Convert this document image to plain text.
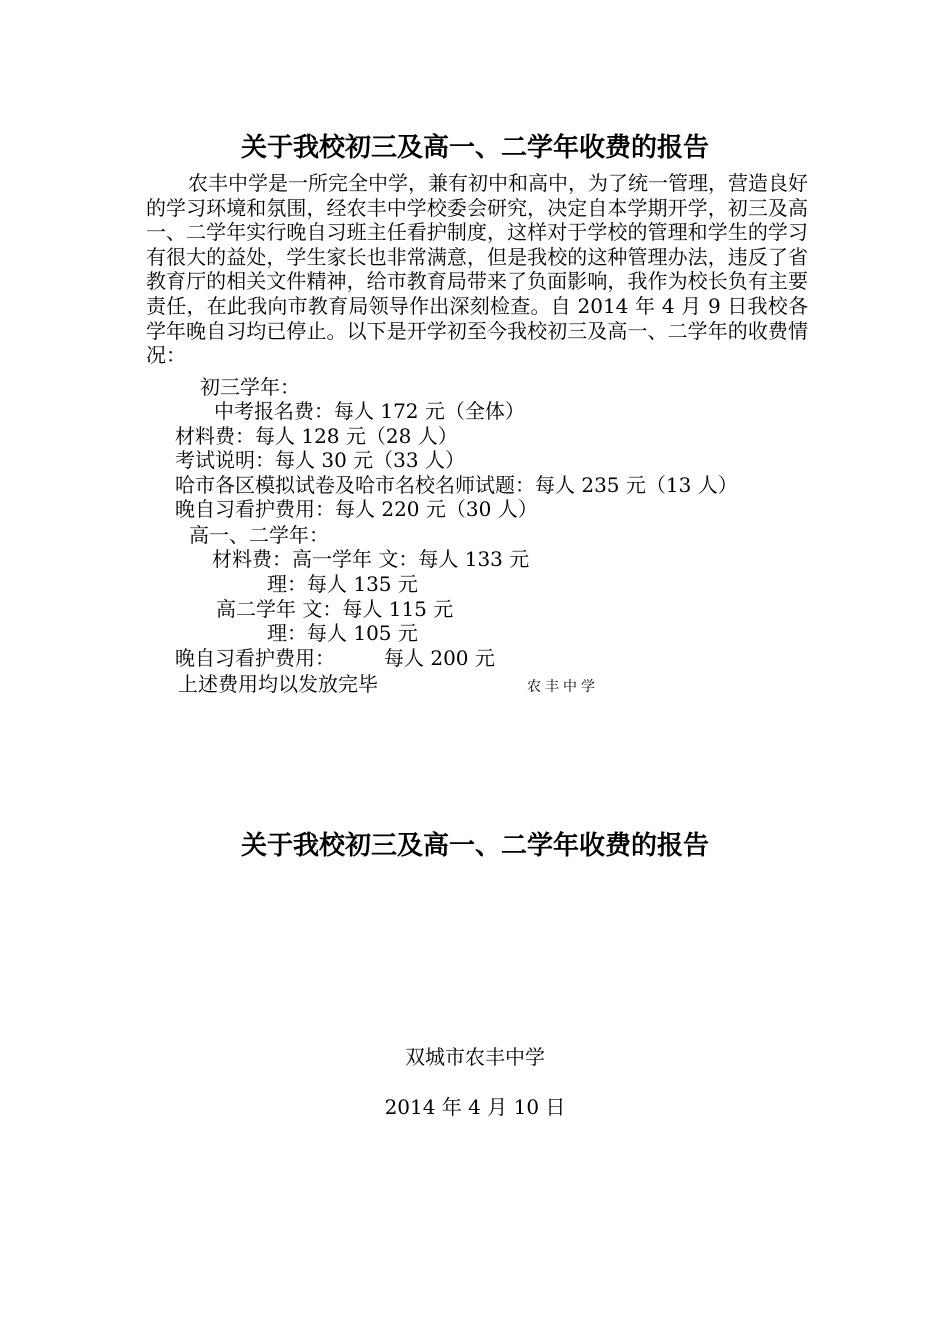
关于我校初三及高一、二学年收费的报告
农丰中学是一所完全中学，兼有初中和高中，为了统一管理，营造良好的学习环境和氛围，经农丰中学校委会研究，决定自本学期开学，初三及高一、二学年实行晚自习班主任看护制度，这样对于学校的管理和学生的学习有很大的益处，学生家长也非常满意，但是我校的这种管理办法，违反了省教育厅的相关文件精神，给市教育局带来了负面影响，我作为校长负有主要责任，在此我向市教育局领导作出深刻检查。自 2014 年 4 月 9 日我校各学年晚自习均已停止。以下是开学初至今我校初三及高一、二学年的收费情况：
初三学年：
中考报名费：每人 172 元（全体）
材料费：每人 128 元（28 人）
考试说明：每人 30 元（33 人）
哈市各区模拟试卷及哈市名校名师试题：每人 235 元（13 人）
晚自习看护费用：每人 220 元（30 人）
高一、二学年：
材料费：高一学年 文：每人 133 元
理：每人 135 元
高二学年 文：每人 115 元
理：每人 105 元
晚自习看护费用： 每人 200 元
上述费用均以发放完毕	农丰中学
关于我校初三及高一、二学年收费的报告
双城市农丰中学
2014 年 4 月 10 日
